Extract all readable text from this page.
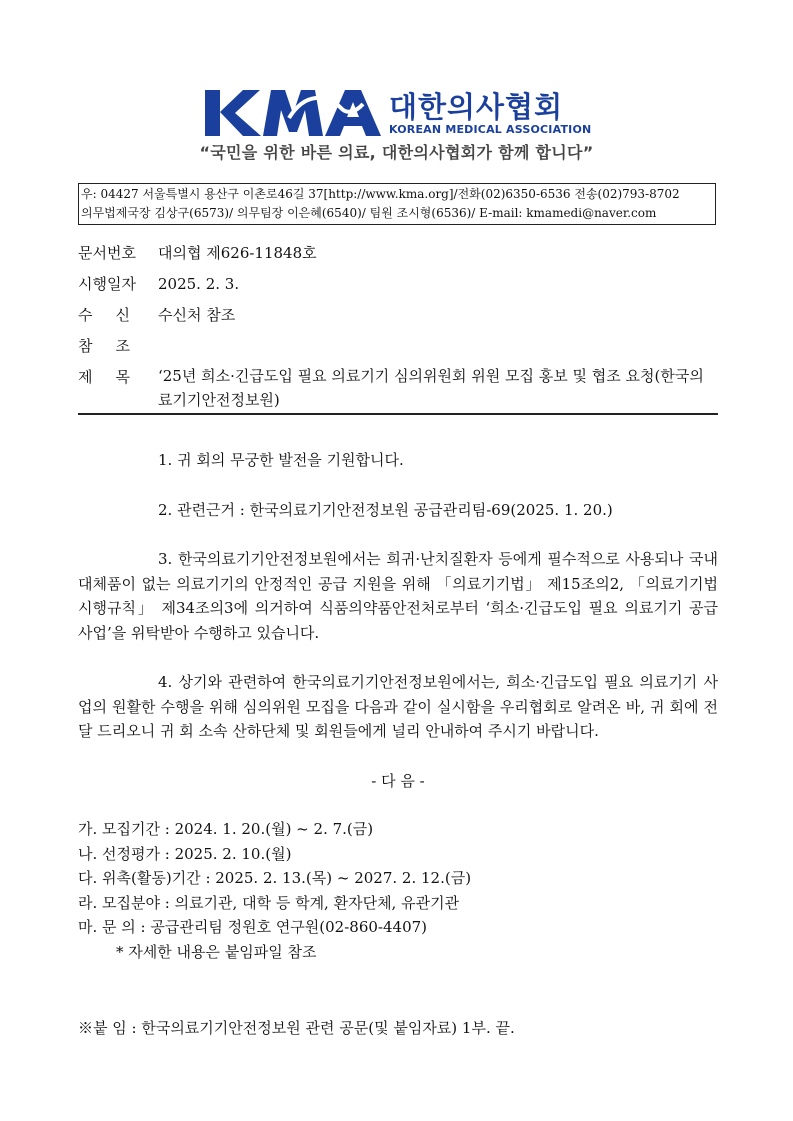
대한의사협회
KOREAN MEDICAL ASSOCIATION
“국민을 위한 바른 의료, 대한의사협회가 함께 합니다”
우: 04427 서울특별시 용산구 이촌로46길 37[http://www.kma.org]/전화(02)6350-6536 전송(02)793-8702
의무법제국장 김상구(6573)/ 의무팀장 이은혜(6540)/ 팀원 조시형(6536)/ E-mail: kmamedi@naver.com
문서번호	대의협 제626-11848호
시행일자	2025. 2. 3.
수신 수신처 참조
참조
제목 ‘25년 희소·긴급도입 필요 의료기기 심의위원회 위원 모집 홍보 및 협조 요청(한국의료기기안전정보원)

1. 귀 회의 무궁한 발전을 기원합니다.

2. 관련근거 : 한국의료기기안전정보원 공급관리팀-69(2025. 1. 20.)

3. 한국의료기기안전정보원에서는 희귀·난치질환자 등에게 필수적으로 사용되나 국내 대체품이 없는 의료기기의 안정적인 공급 지원을 위해 「의료기기법」 제15조의2, 「의료기기법 시행규칙」 제34조의3에 의거하여 식품의약품안전처로부터 ‘희소·긴급도입 필요 의료기기 공급 사업’을 위탁받아 수행하고 있습니다.

4. 상기와 관련하여 한국의료기기안전정보원에서는, 희소·긴급도입 필요 의료기기 사업의 원활한 수행을 위해 심의위원 모집을 다음과 같이 실시함을 우리협회로 알려온 바, 귀 회에 전달 드리오니 귀 회 소속 산하단체 및 회원들에게 널리 안내하여 주시기 바랍니다.

- 다 음 -
가. 모집기간 : 2024. 1. 20.(월) ~ 2. 7.(금)
나. 선정평가 : 2025. 2. 10.(월)
다. 위촉(활동)기간 : 2025. 2. 13.(목) ~ 2027. 2. 12.(금)
라. 모집분야 : 의료기관, 대학 등 학계, 환자단체, 유관기관
마. 문 의 : 공급관리팀 정원호 연구원(02-860-4407)
* 자세한 내용은 붙임파일 참조
※붙 임 : 한국의료기기안전정보원 관련 공문(및 붙임자료) 1부. 끝.
